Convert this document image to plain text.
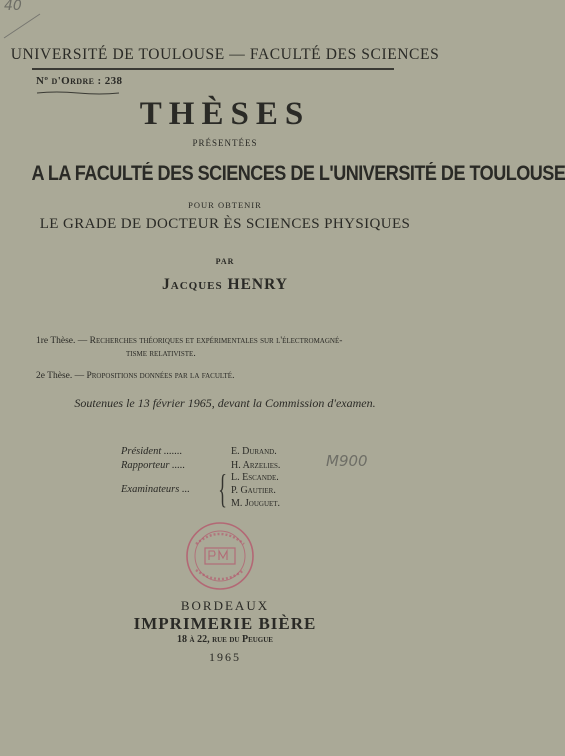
40
UNIVERSITÉ DE TOULOUSE — FACULTÉ DES SCIENCES
Nº d'Ordre : 238
THÈSES
PRÉSENTÉES
A LA FACULTÉ DES SCIENCES DE L'UNIVERSITÉ DE TOULOUSE
POUR OBTENIR
LE GRADE DE DOCTEUR ÈS SCIENCES PHYSIQUES
PAR
Jacques HENRY
1re Thèse. — Recherches théoriques et expérimentales sur l'électromagné-
tisme relativiste.
2e Thèse. — Propositions données par la faculté.
Soutenues le 13 février 1965, devant la Commission d'examen.
Président .......	E. Durand.
Rapporteur .....	H. Arzelies.
Examinateurs ... { L. Escande.
P. Gautier.
M. Jouguet.
M900
BORDEAUX
IMPRIMERIE BIÈRE
18 à 22, rue du Peugue
1965
